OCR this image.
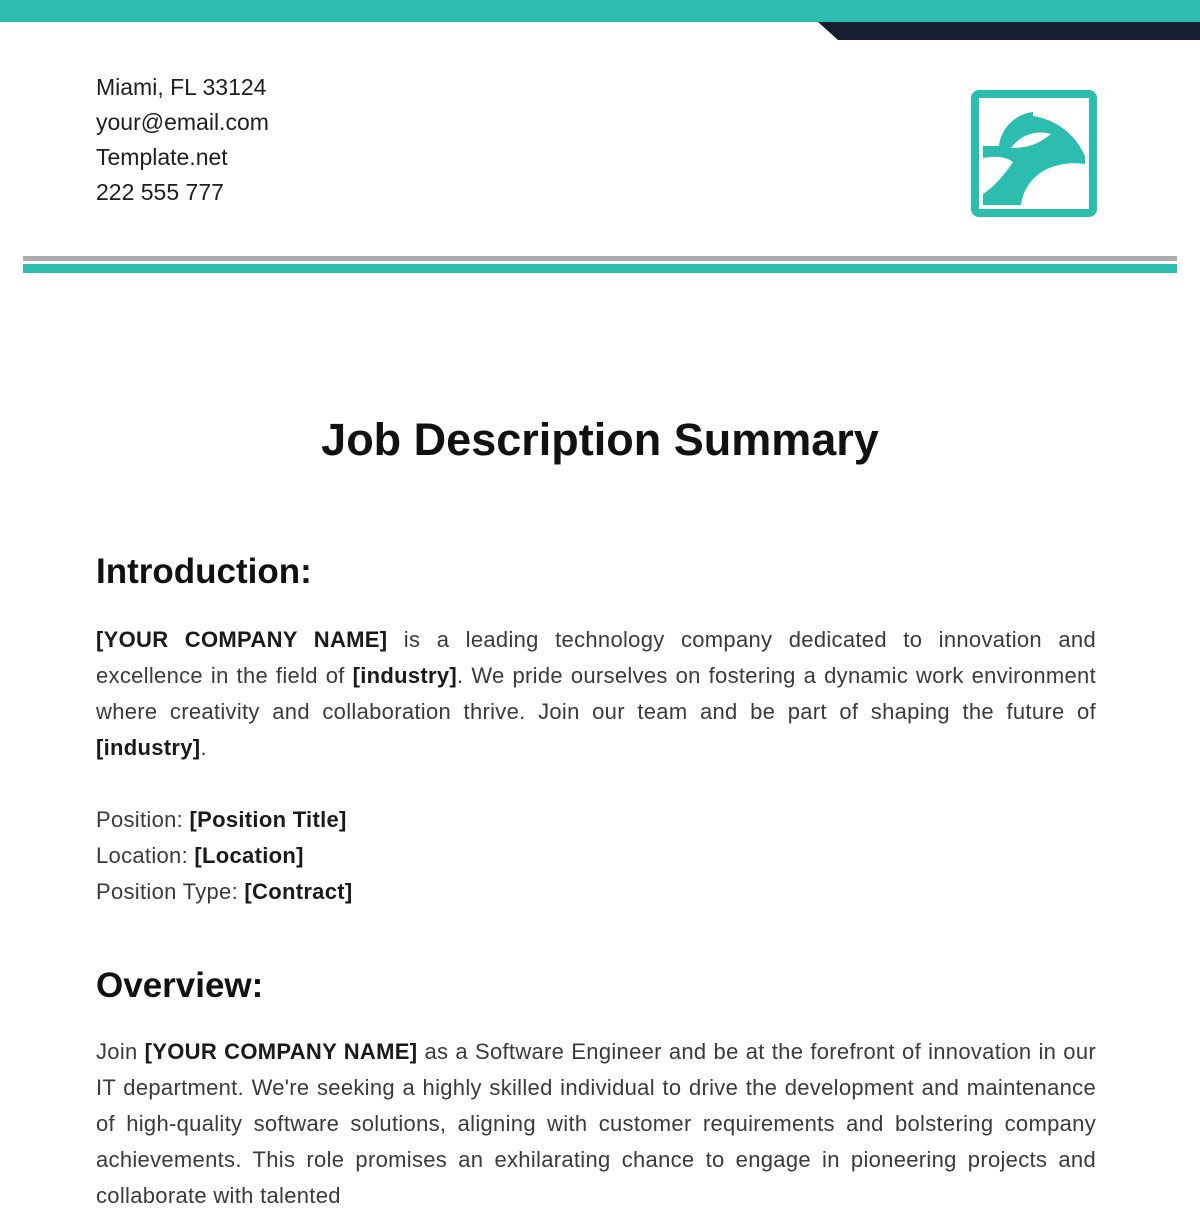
Miami, FL 33124
your@email.com
Template.net
222 555 777
Job Description Summary
Introduction:
[YOUR COMPANY NAME] is a leading technology company dedicated to innovation and excellence in the field of [industry]. We pride ourselves on fostering a dynamic work environment where creativity and collaboration thrive. Join our team and be part of shaping the future of [industry].
Position: [Position Title]
Location: [Location]
Position Type: [Contract]
Overview:
Join [YOUR COMPANY NAME] as a Software Engineer and be at the forefront of innovation in our IT department. We're seeking a highly skilled individual to drive the development and maintenance of high-quality software solutions, aligning with customer requirements and bolstering company achievements. This role promises an exhilarating chance to engage in pioneering projects and collaborate with talented
